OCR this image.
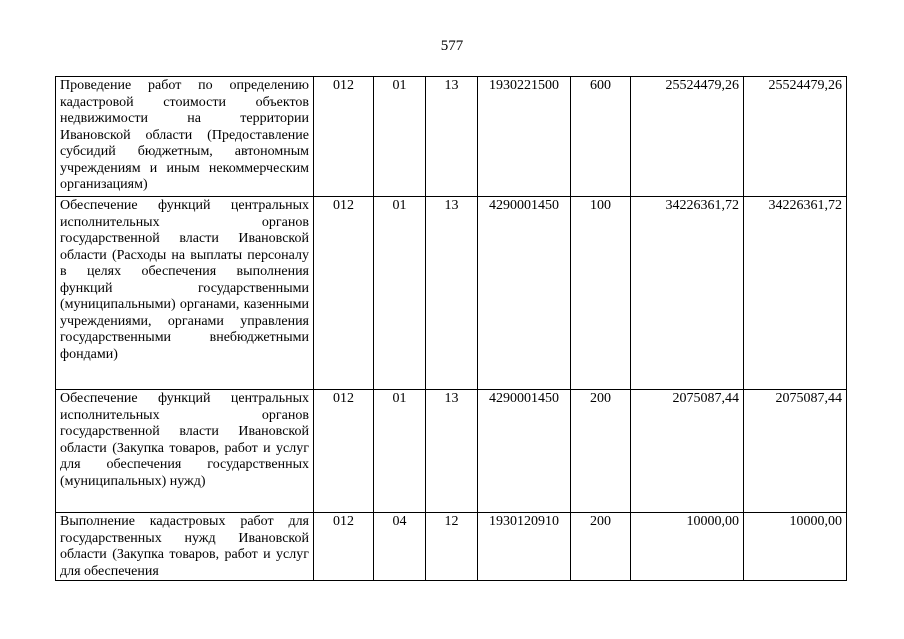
577
Проведение работ по определению кадастровой стоимости объектов недвижимости на территории Ивановской области (Предоставление субсидий бюджетным, автономным учреждениям и иным некоммерческим организациям)	012	01	13	1930221500	600	25524479,26	25524479,26
Обеспечение функций центральных исполнительных органов государственной власти Ивановской области (Расходы на выплаты персоналу в целях обеспечения выполнения функций государственными (муниципальными) органами, казенными учреждениями, органами управления государственными внебюджетными фондами)	012	01	13	4290001450	100	34226361,72	34226361,72
Обеспечение функций центральных исполнительных органов государственной власти Ивановской области (Закупка товаров, работ и услуг для обеспечения государственных (муниципальных) нужд)	012	01	13	4290001450	200	2075087,44	2075087,44
Выполнение кадастровых работ для государственных нужд Ивановской области (Закупка товаров, работ и услуг для обеспечения	012	04	12	1930120910	200	10000,00	10000,00
